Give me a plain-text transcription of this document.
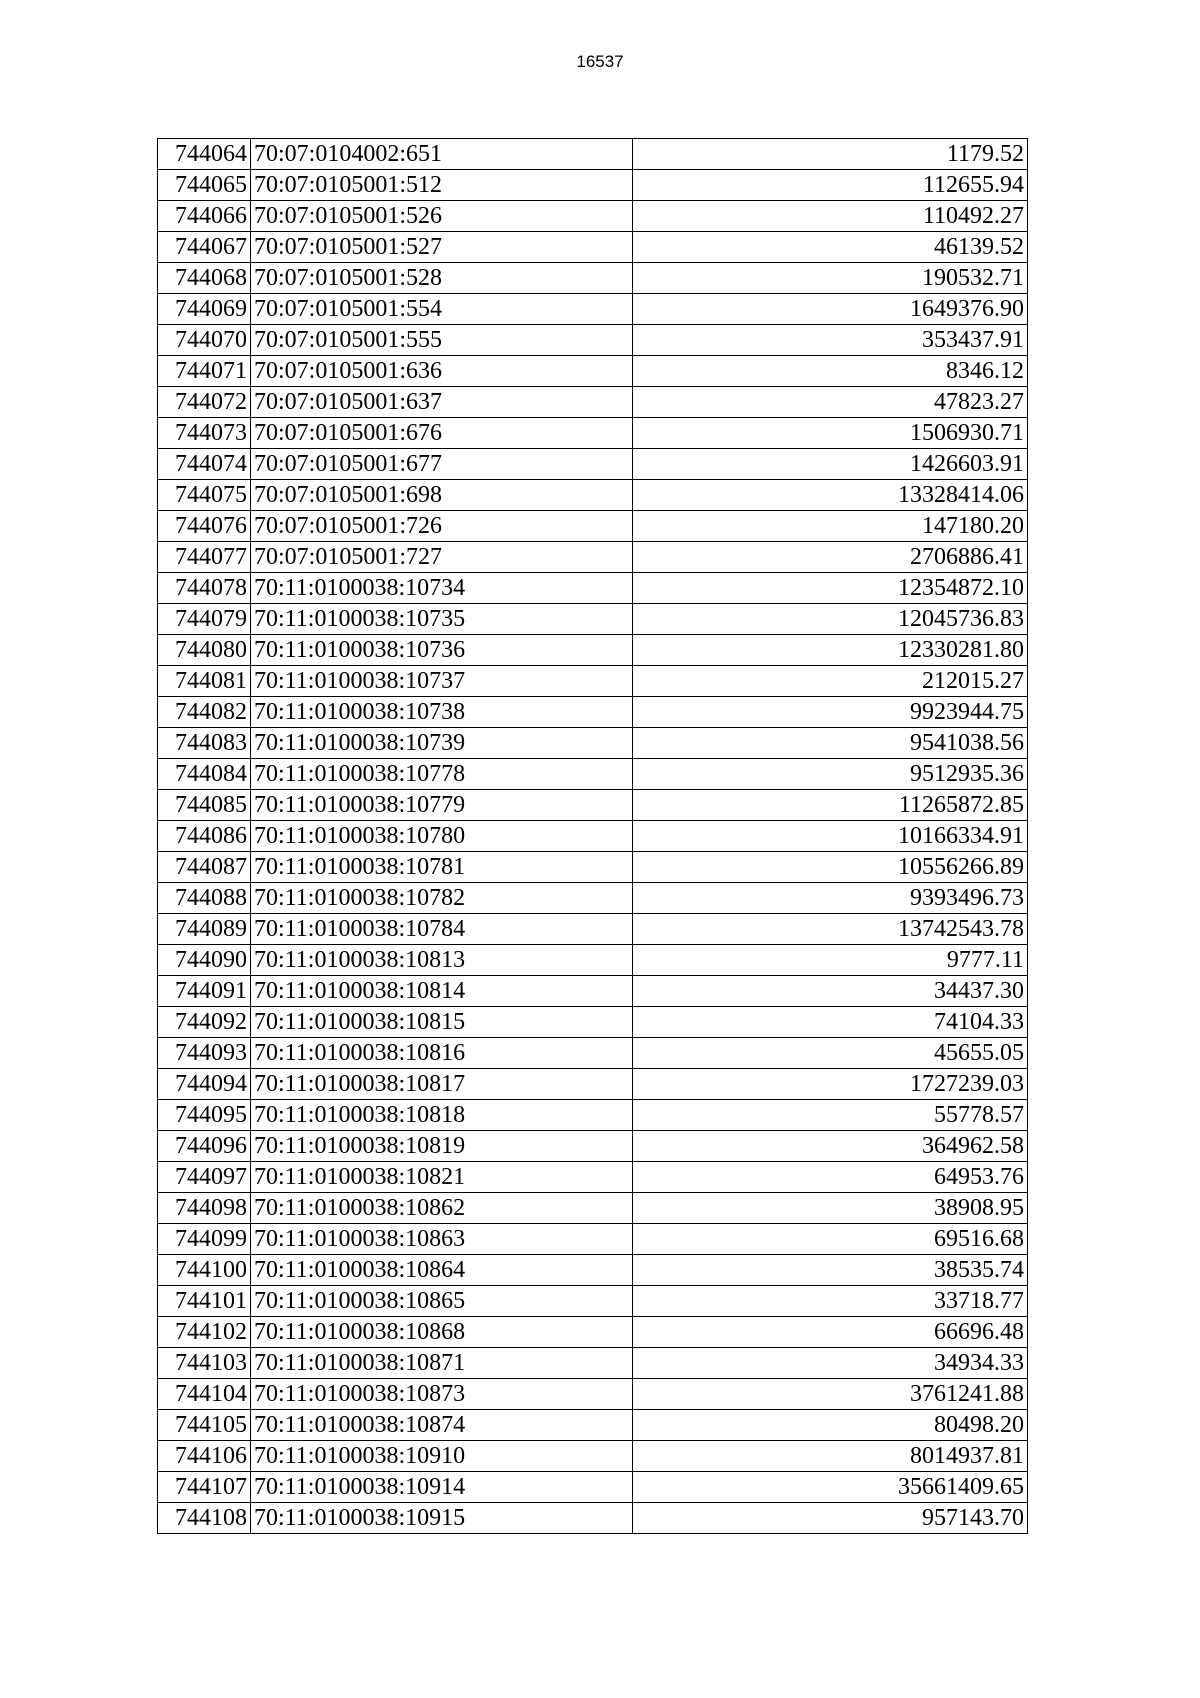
16537
744064	70:07:0104002:651	1179.52
744065	70:07:0105001:512	112655.94
744066	70:07:0105001:526	110492.27
744067	70:07:0105001:527	46139.52
744068	70:07:0105001:528	190532.71
744069	70:07:0105001:554	1649376.90
744070	70:07:0105001:555	353437.91
744071	70:07:0105001:636	8346.12
744072	70:07:0105001:637	47823.27
744073	70:07:0105001:676	1506930.71
744074	70:07:0105001:677	1426603.91
744075	70:07:0105001:698	13328414.06
744076	70:07:0105001:726	147180.20
744077	70:07:0105001:727	2706886.41
744078	70:11:0100038:10734	12354872.10
744079	70:11:0100038:10735	12045736.83
744080	70:11:0100038:10736	12330281.80
744081	70:11:0100038:10737	212015.27
744082	70:11:0100038:10738	9923944.75
744083	70:11:0100038:10739	9541038.56
744084	70:11:0100038:10778	9512935.36
744085	70:11:0100038:10779	11265872.85
744086	70:11:0100038:10780	10166334.91
744087	70:11:0100038:10781	10556266.89
744088	70:11:0100038:10782	9393496.73
744089	70:11:0100038:10784	13742543.78
744090	70:11:0100038:10813	9777.11
744091	70:11:0100038:10814	34437.30
744092	70:11:0100038:10815	74104.33
744093	70:11:0100038:10816	45655.05
744094	70:11:0100038:10817	1727239.03
744095	70:11:0100038:10818	55778.57
744096	70:11:0100038:10819	364962.58
744097	70:11:0100038:10821	64953.76
744098	70:11:0100038:10862	38908.95
744099	70:11:0100038:10863	69516.68
744100	70:11:0100038:10864	38535.74
744101	70:11:0100038:10865	33718.77
744102	70:11:0100038:10868	66696.48
744103	70:11:0100038:10871	34934.33
744104	70:11:0100038:10873	3761241.88
744105	70:11:0100038:10874	80498.20
744106	70:11:0100038:10910	8014937.81
744107	70:11:0100038:10914	35661409.65
744108	70:11:0100038:10915	957143.70
